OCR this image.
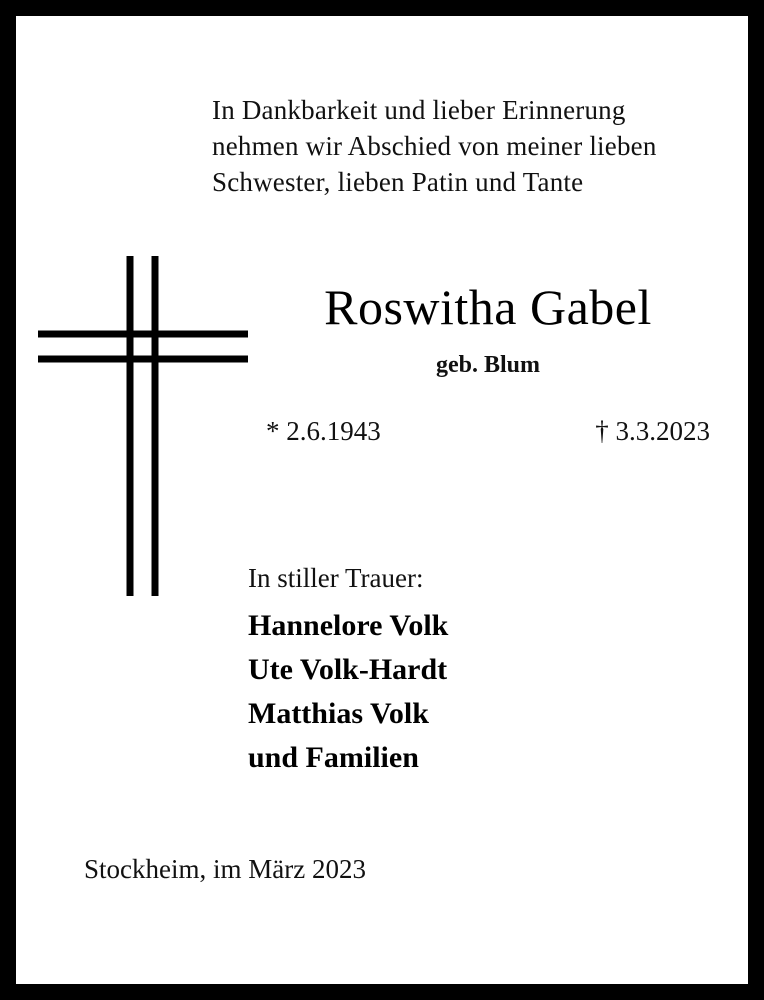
In Dankbarkeit und lieber Erinnerung
nehmen wir Abschied von meiner lieben
Schwester, lieben Patin und Tante
Roswitha Gabel
geb. Blum
* 2.6.1943	† 3.3.2023
In stiller Trauer:
Hannelore Volk
Ute Volk-Hardt
Matthias Volk
und Familien
Stockheim, im März 2023
